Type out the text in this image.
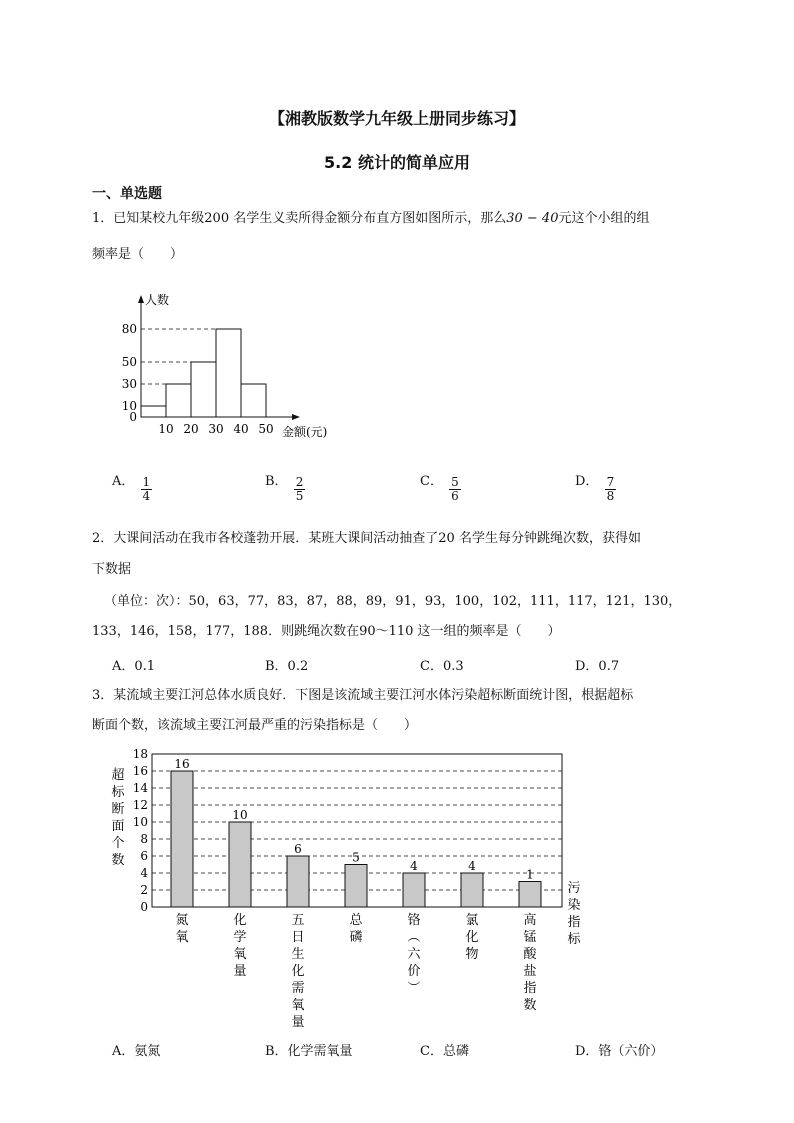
【湘教版数学九年级上册同步练习】
5.2 统计的简单应用
一、单选题
1．已知某校九年级200 名学生义卖所得金额分布直方图如图所示，那么30 − 40元这个小组的组
频率是（　　）
人数
金额(元)
0
10
30
50
80
10 20 30 40 50
A． $\frac{1}{4}$	B． $\frac{2}{5}$	C． $\frac{5}{6}$	D． $\frac{7}{8}$
2．大课间活动在我市各校蓬勃开展．某班大课间活动抽查了20 名学生每分钟跳绳次数，获得如
下数据
（单位：次）：50，63，77，83，87，88，89，91，93，100，102，111，117，121，130，
133，146，158，177，188．则跳绳次数在90～110 这一组的频率是（　　）
A．0.1	B．0.2	C．0.3	D．0.7
3．某流域主要江河总体水质良好．下图是该流域主要江河水体污染超标断面统计图，根据超标
断面个数，该流域主要江河最严重的污染指标是（　　）
0
2
4
6
8
10
12
14
16
18
超
标
断
面
个
数
污
染
指
标
16
氮
氧
10
化
学
氧
量
6
五
日
生
化
需
氧
量
5
总
磷
4
铬
（
六
价
）
4
氯
化
物
1
高
锰
酸
盐
指
数
A．氨氮	B．化学需氧量	C．总磷	D．铬（六价）
